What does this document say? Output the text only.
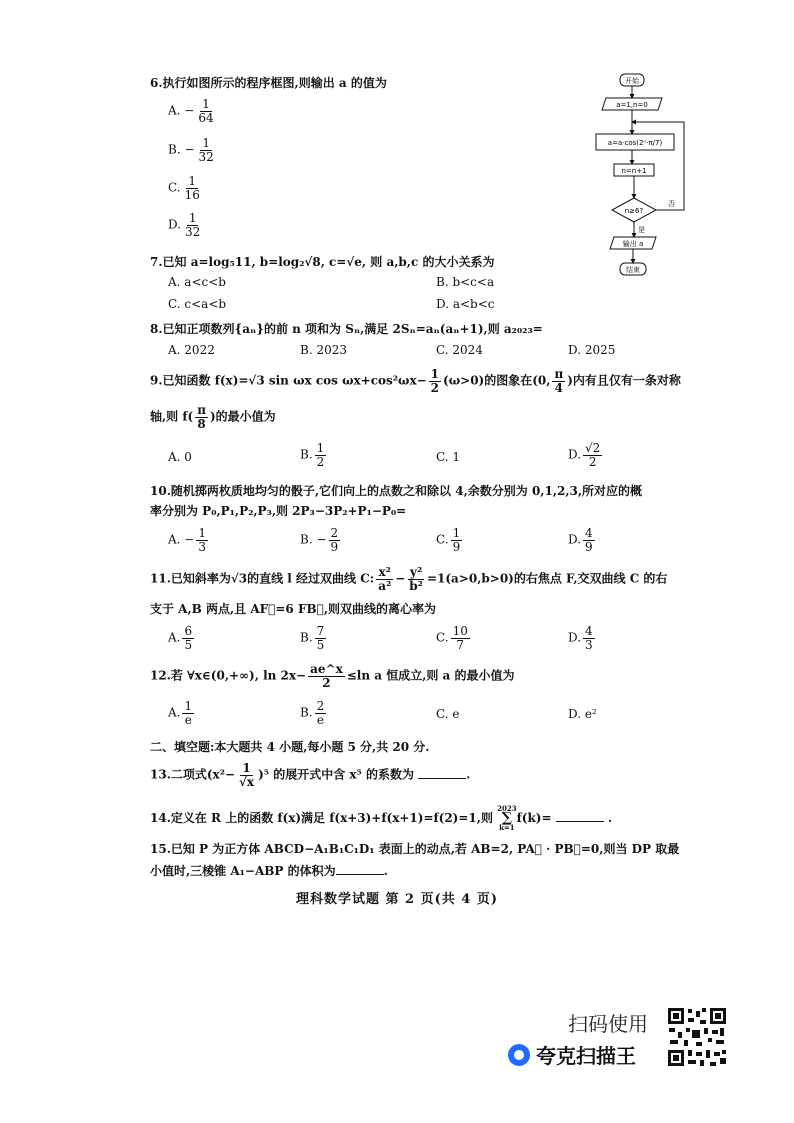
6.执行如图所示的程序框图,则输出 a 的值为
A. − $\frac{1}{64}$
B. − $\frac{1}{32}$
C. $\frac{1}{16}$
D. $\frac{1}{32}$
开始
a=1,n=0
a=a·cos(2ⁿ·π/7)
n=n+1
n≥6?
否
是
输出 a
结束
7.已知 a=log₅11, b=log₂√8, c=√e, 则 a,b,c 的大小关系为
A. a<c<b	B. b<c<a
C. c<a<b	D. a<b<c
8.已知正项数列{aₙ}的前 n 项和为 Sₙ,满足 2Sₙ=aₙ(aₙ+1),则 a₂₀₂₃=
A. 2022	B. 2023	C. 2024	D. 2025
9.已知函数 f(x)=√3 sin ωx $\cos \omega x+\cos^2\omega x- \frac{1}{2} (\omega>0)$的图象在(0, $\frac{\pi}{4}$ )内有且仅有一条对称
轴,则 $f( \frac{\pi}{8}$ )的最小值为
A. 0	B. $\frac{1}{2}$	C. 1	D. $\frac{√2}{2}$
10.随机掷两枚质地均匀的骰子,它们向上的点数之和除以 4,余数分别为 0,1,2,3,所对应的概
率分别为 P₀,P₁,P₂,P₃,则 2P₃−3P₂+P₁−P₀=
A. − $\frac{1}{3}$	B. − $\frac{2}{9}$	C. $\frac{1}{9}$	D. $\frac{4}{9}$
11.已知斜率为√3的直线 l 经过双曲线 C: $\frac{\text{x²}}{\text{a²}} - \frac{\text{y²}}{\text{b²}} =1(a>0,b>0)$的右焦点 F,交双曲线 C 的右
支于 A,B 两点,且 AF⃗=6 FB⃗,则双曲线的离心率为
A. $\frac{6}{5}$	B. $\frac{7}{5}$	C. $\frac{10}{7}$	D. $\frac{4}{3}$
12.若 ∀x∈(0,+∞), $\ln 2x- \frac{ae\^{}x}{2} \le\ln$ a 恒成立,则 a 的最小值为
A. $\frac{1}{e}$	B. $\frac{2}{e}$	C. e	D. e²
二、填空题:本大题共 4 小题,每小题 5 分,共 20 分.
13.二项式$(x^2- \frac{1}{√x} )^5$ 的展开式中含 x⁵ 的系数为	.
14.定义在 R 上的函数 f(x)满足 f(x+3)+f(x+1)=f(2)=1,则
2023
∑
k=1
f(k)=	.
15.已知 P 为正方体 ABCD−A₁B₁C₁D₁ 表面上的动点,若 AB=2, PA⃗ · PB⃗=0,则当 DP 取最
小值时,三棱锥 A₁−ABP 的体积为	.
理科数学试题 第 2 页(共 4 页)
扫码使用
夸克扫描王
